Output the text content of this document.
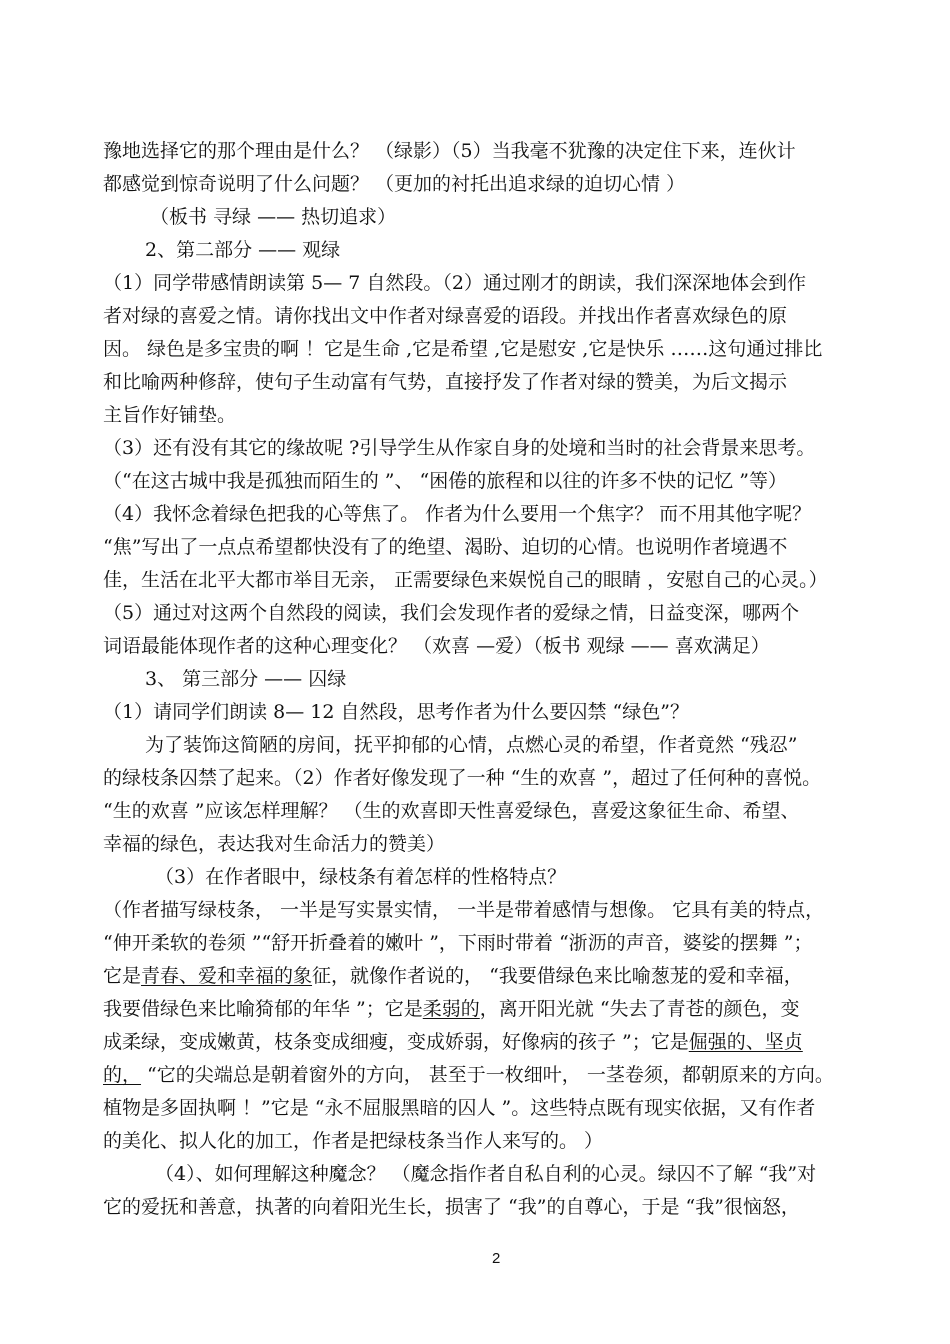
豫地选择它的那个理由是什么？ （绿影）（5）当我毫不犹豫的决定住下来，连伙计
都感觉到惊奇说明了什么问题？ （更加的衬托出追求绿的迫切心情 ）
（板书 寻绿 —— 热切追求）
2、第二部分 —— 观绿
（1）同学带感情朗读第 5— 7 自然段。（2）通过刚才的朗读，我们深深地体会到作
者对绿的喜爱之情。请你找出文中作者对绿喜爱的语段。并找出作者喜欢绿色的原
因。 绿色是多宝贵的啊 ！它是生命 ,它是希望 ,它是慰安 ,它是快乐 ……这句通过排比
和比喻两种修辞，使句子生动富有气势，直接抒发了作者对绿的赞美，为后文揭示
主旨作好铺垫。
（3）还有没有其它的缘故呢 ?引导学生从作家自身的处境和当时的社会背景来思考。
（“在这古城中我是孤独而陌生的 ”、 “困倦的旅程和以往的许多不快的记忆 ”等）
（4）我怀念着绿色把我的心等焦了。 作者为什么要用一个焦字？ 而不用其他字呢？
“焦”写出了一点点希望都快没有了的绝望、渴盼、迫切的心情。也说明作者境遇不
佳，生活在北平大都市举目无亲， 正需要绿色来娱悦自己的眼睛 ，安慰自己的心灵。）
（5）通过对这两个自然段的阅读，我们会发现作者的爱绿之情，日益变深，哪两个
词语最能体现作者的这种心理变化？ （欢喜 —爱）（板书 观绿 —— 喜欢满足）
3、 第三部分 —— 囚绿
（1）请同学们朗读 8— 12 自然段，思考作者为什么要囚禁 “绿色”？
为了装饰这简陋的房间，抚平抑郁的心情，点燃心灵的希望，作者竟然 “残忍”
的绿枝条囚禁了起来。（2）作者好像发现了一种 “生的欢喜 ”，超过了任何种的喜悦。
“生的欢喜 ”应该怎样理解？ （生的欢喜即天性喜爱绿色，喜爱这象征生命、希望、
幸福的绿色，表达我对生命活力的赞美）
（3）在作者眼中，绿枝条有着怎样的性格特点？
（作者描写绿枝条， 一半是写实景实情， 一半是带着感情与想像。 它具有美的特点，
“伸开柔软的卷须 ”“舒开折叠着的嫩叶 ”，下雨时带着 “浙沥的声音，婆娑的摆舞 ”；
它是青春、爱和幸福的象征，就像作者说的， “我要借绿色来比喻葱茏的爱和幸福，
我要借绿色来比喻猗郁的年华 ”；它是柔弱的，离开阳光就 “失去了青苍的颜色，变
成柔绿，变成嫩黄，枝条变成细瘦，变成娇弱，好像病的孩子 ”；它是倔强的、坚贞
的， “它的尖端总是朝着窗外的方向， 甚至于一枚细叶， 一茎卷须，都朝原来的方向。
植物是多固执啊 ！”它是 “永不屈服黑暗的囚人 ”。这些特点既有现实依据，又有作者
的美化、拟人化的加工，作者是把绿枝条当作人来写的。 ）
（4）、如何理解这种魔念？ （魔念指作者自私自利的心灵。绿囚不了解 “我”对
它的爱抚和善意，执著的向着阳光生长，损害了 “我”的自尊心，于是 “我”很恼怒，
2
